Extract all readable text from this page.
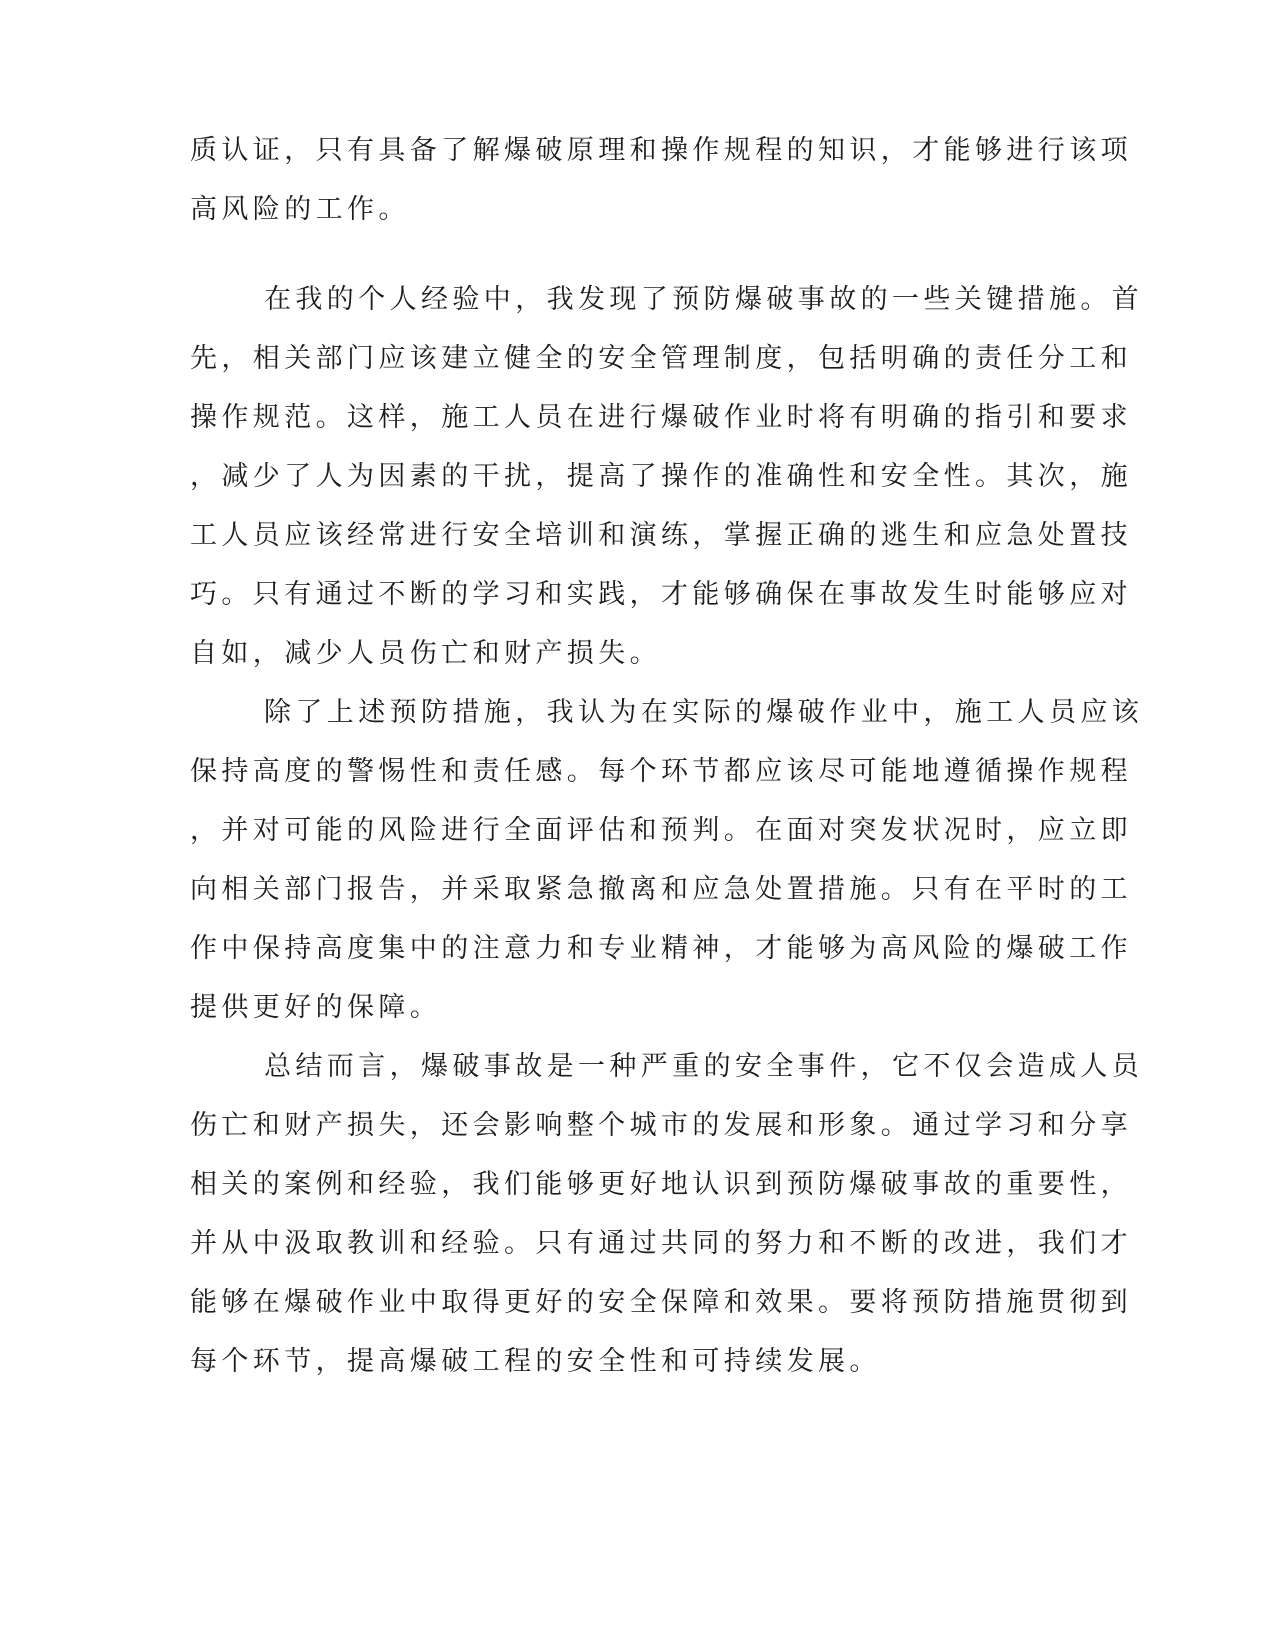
质认证，只有具备了解爆破原理和操作规程的知识，才能够进行该项
高风险的工作。
在我的个人经验中，我发现了预防爆破事故的一些关键措施。首
先，相关部门应该建立健全的安全管理制度，包括明确的责任分工和
操作规范。这样，施工人员在进行爆破作业时将有明确的指引和要求
，减少了人为因素的干扰，提高了操作的准确性和安全性。其次，施
工人员应该经常进行安全培训和演练，掌握正确的逃生和应急处置技
巧。只有通过不断的学习和实践，才能够确保在事故发生时能够应对
自如，减少人员伤亡和财产损失。
除了上述预防措施，我认为在实际的爆破作业中，施工人员应该
保持高度的警惕性和责任感。每个环节都应该尽可能地遵循操作规程
，并对可能的风险进行全面评估和预判。在面对突发状况时，应立即
向相关部门报告，并采取紧急撤离和应急处置措施。只有在平时的工
作中保持高度集中的注意力和专业精神，才能够为高风险的爆破工作
提供更好的保障。
总结而言，爆破事故是一种严重的安全事件，它不仅会造成人员
伤亡和财产损失，还会影响整个城市的发展和形象。通过学习和分享
相关的案例和经验，我们能够更好地认识到预防爆破事故的重要性，
并从中汲取教训和经验。只有通过共同的努力和不断的改进，我们才
能够在爆破作业中取得更好的安全保障和效果。要将预防措施贯彻到
每个环节，提高爆破工程的安全性和可持续发展。
